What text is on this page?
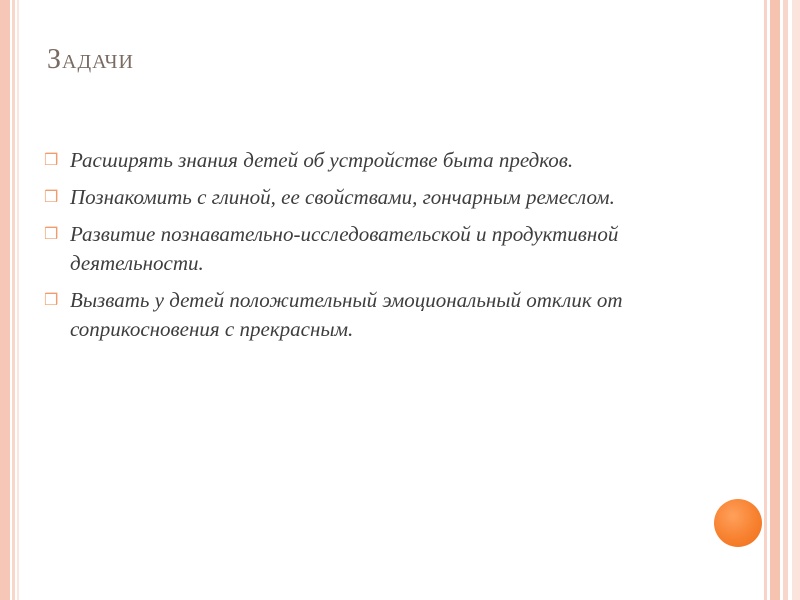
Задачи
❒ Расширять знания детей об устройстве быта предков.
❒ Познакомить с глиной, ее свойствами, гончарным ремеслом.
❒ Развитие познавательно-исследовательской и продуктивной деятельности.
❒ Вызвать у детей положительный эмоциональный отклик от соприкосновения с прекрасным.
